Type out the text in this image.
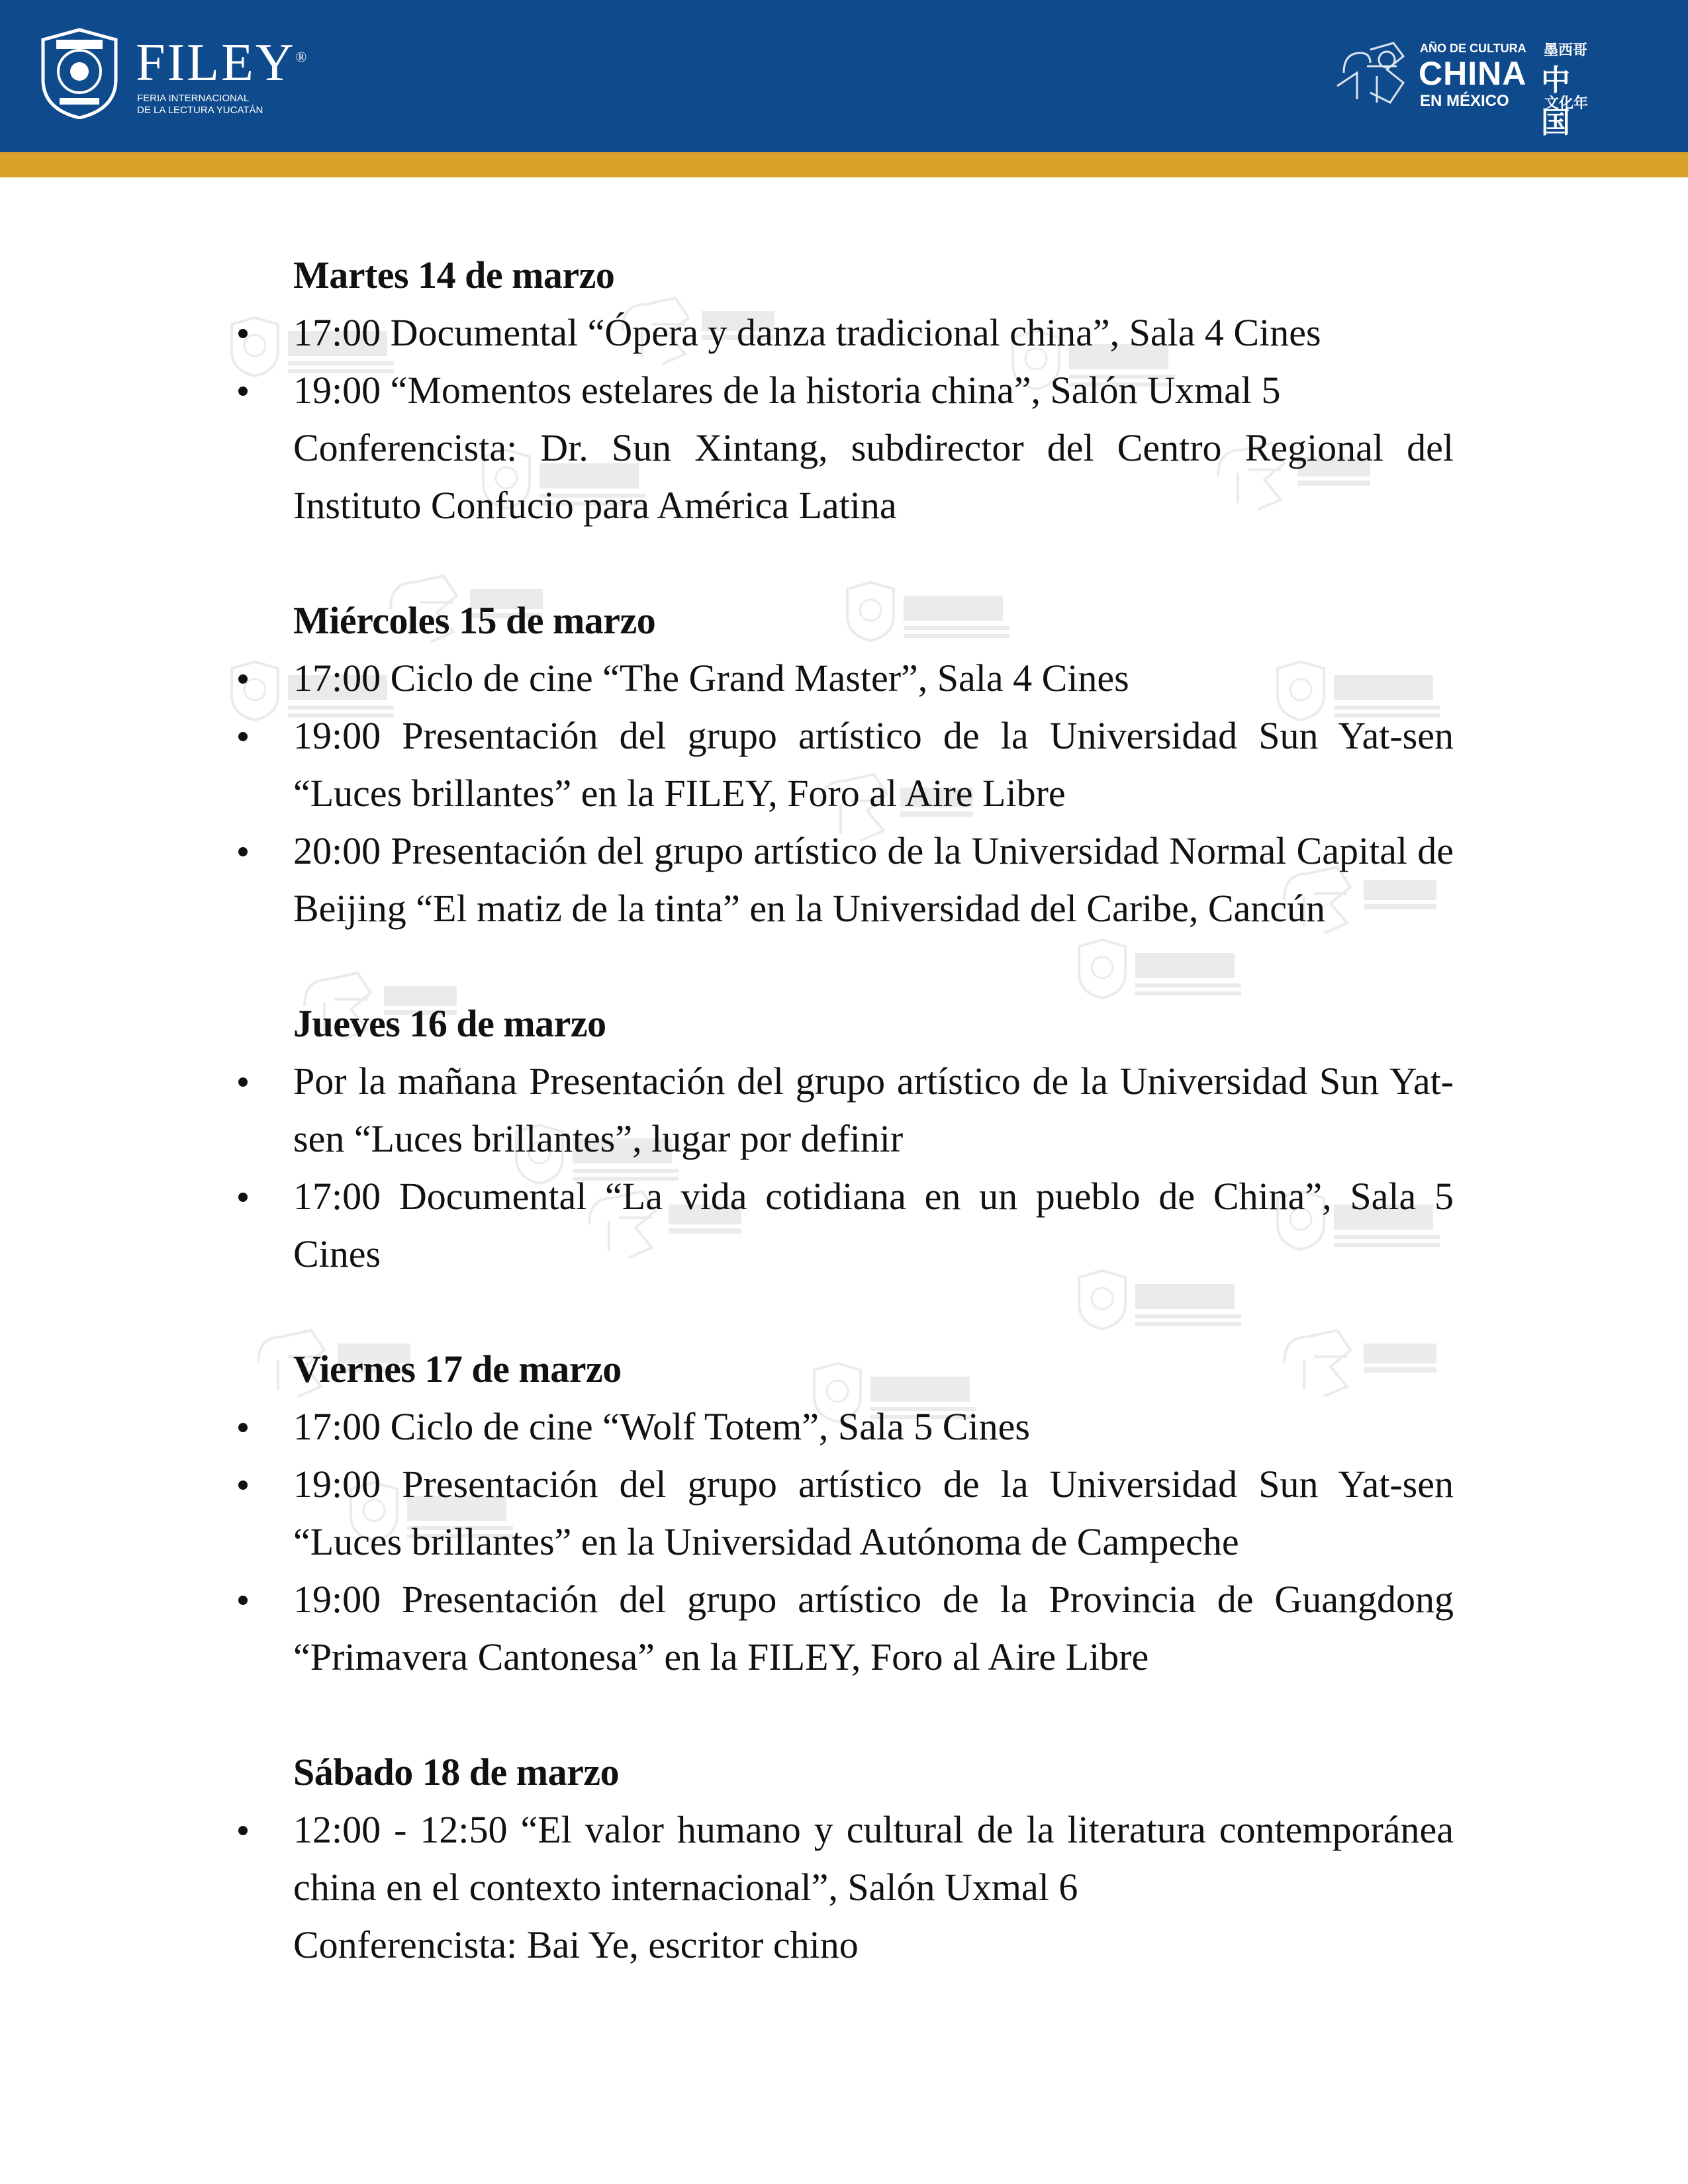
FILEY®
FERIA INTERNACIONAL
DE LA LECTURA YUCATÁN
AÑO DE CULTURA
CHINA
EN MÉXICO
墨西哥
中国
文化年
Martes 14 de marzo
17:00 Documental “Ópera y danza tradicional china”, Sala 4 Cines
19:00 “Momentos estelares de la historia china”, Salón Uxmal 5
Conferencista: Dr. Sun Xintang, subdirector del Centro Regional del Instituto Confucio para América Latina
Miércoles 15 de marzo
17:00 Ciclo de cine “The Grand Master”, Sala 4 Cines
19:00 Presentación del grupo artístico de la Universidad Sun Yat-sen “Luces brillantes” en la FILEY, Foro al Aire Libre
20:00 Presentación del grupo artístico de la Universidad Normal Capital de Beijing “El matiz de la tinta” en la Universidad del Caribe, Cancún
Jueves 16 de marzo
Por la mañana Presentación del grupo artístico de la Universidad Sun Yat-sen “Luces brillantes”, lugar por definir
17:00 Documental “La vida cotidiana en un pueblo de China”, Sala 5 Cines
Viernes 17 de marzo
17:00 Ciclo de cine “Wolf Totem”, Sala 5 Cines
19:00 Presentación del grupo artístico de la Universidad Sun Yat-sen “Luces brillantes” en la Universidad Autónoma de Campeche
19:00 Presentación del grupo artístico de la Provincia de Guangdong “Primavera Cantonesa” en la FILEY, Foro al Aire Libre
Sábado 18 de marzo
12:00 - 12:50 “El valor humano y cultural de la literatura contemporánea china en el contexto internacional”, Salón Uxmal 6
Conferencista: Bai Ye, escritor chino
